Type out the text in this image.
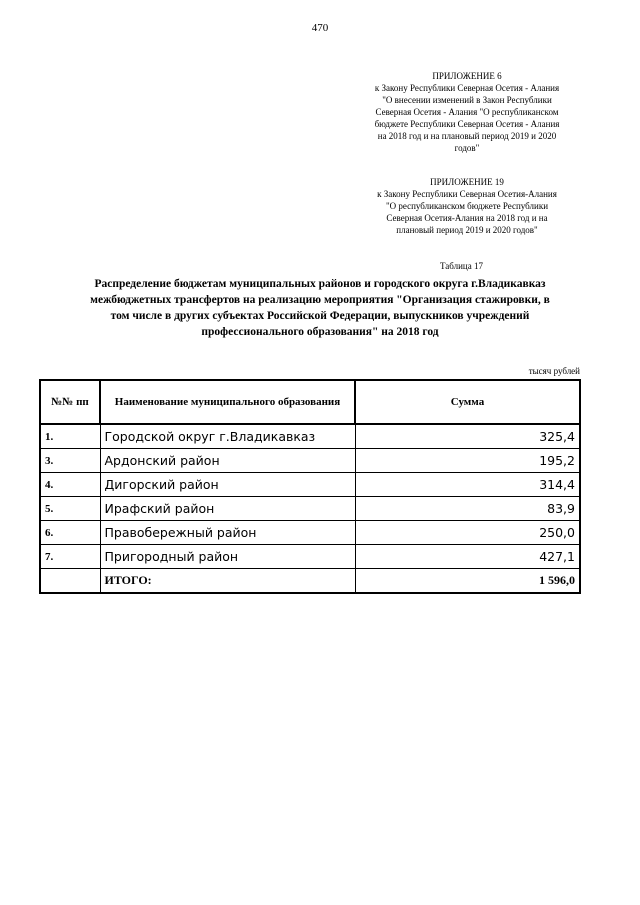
470
ПРИЛОЖЕНИЕ 6
к Закону Республики Северная Осетия - Алания
"О внесении изменений в Закон Республики
Северная Осетия - Алания "О республиканском
бюджете Республики Северная Осетия - Алания
на 2018 год и на плановый период 2019 и 2020
годов"
ПРИЛОЖЕНИЕ 19
к Закону Республики Северная Осетия-Алания
"О республиканском бюджете Республики
Северная Осетия-Алания на 2018 год и на
плановый период 2019 и 2020 годов"
Таблица 17
Распределение бюджетам муниципальных районов и городского округа г.Владикавказ
межбюджетных трансфертов на реализацию мероприятия "Организация стажировки, в
том числе в других субъектах Российской Федерации, выпускников учреждений
профессионального образования" на 2018 год
тысяч рублей
№№ пп	Наименование муниципального образования	Сумма
1.	Городской округ г.Владикавказ	325,4
3.	Ардонский район	195,2
4.	Дигорский район	314,4
5.	Ирафский район	83,9
6.	Правобережный район	250,0
7.	Пригородный район	427,1
	ИТОГО:	1 596,0
